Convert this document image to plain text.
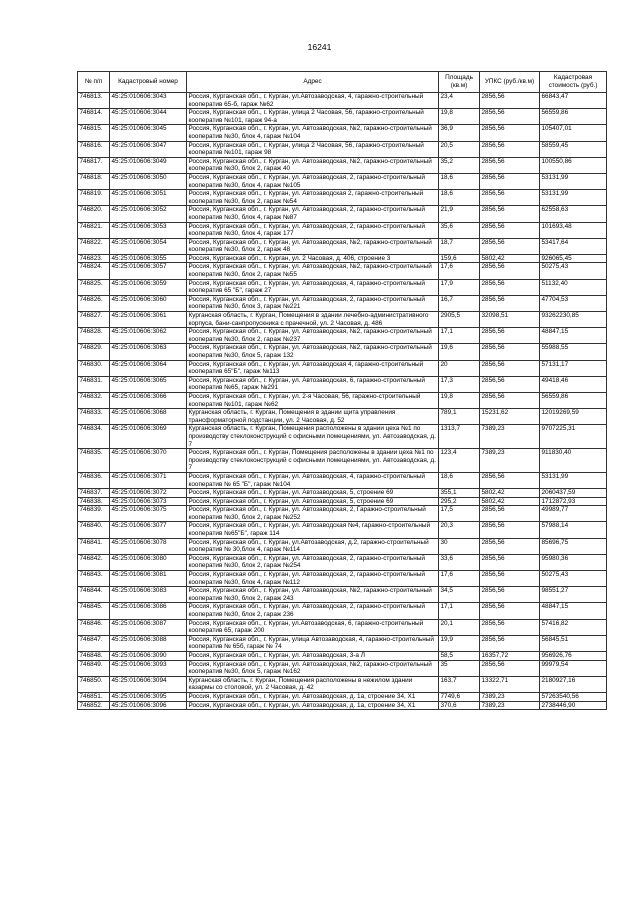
16241
№ п/п	Кадастровый номер	Адрес	Площадь (кв.м)	УПКС (руб./кв.м)	Кадастровая стоимость (руб.)
746813.	45:25:010606:3043	Россия, Курганская обл., г. Курган, ул.Автозаводская, 4, гаражно-строительный кооператив 65-б, гараж №62	23,4	2856,56	66843,47
746814.	45:25:010606:3044	Россия, Курганская обл., г. Курган, улица 2 Часовая, 56, гаражно-строительный кооператив №101, гараж 94-а	19,8	2856,56	56559,86
746815.	45:25:010606:3045	Россия, Курганская обл., г. Курган, ул. Автозаводская, №2, гаражно-строительный кооператив №30, блок 4, гараж №104	36,9	2856,56	105407,01
746816.	45:25:010606:3047	Россия, Курганская обл., г. Курган, улица 2 Часовая, 56, гаражно-строительный кооператив №101, гараж 98	20,5	2856,56	58559,45
746817.	45:25:010606:3049	Россия, Курганская обл., г. Курган, ул. Автозаводская, №2, гаражно-строительный кооператив №30, блок 2, гараж 40	35,2	2856,56	100550,86
746818.	45:25:010606:3050	Россия, Курганская обл., г. Курган, ул. Автозаводская, 2, гаражно-строительный кооператив №30, блок 4, гараж №105	18,6	2856,56	53131,99
746819.	45:25:010606:3051	Россия, Курганская обл., г. Курган, ул. Автозаводская 2, гаражно-строительный кооператив №30, блок 2, гараж №54	18,6	2856,56	53131,99
746820.	45:25:010606:3052	Россия, Курганская обл., г. Курган, ул. Автозаводская, 2, гаражно-строительный кооператив №30, блок 4, гараж №87	21,9	2856,56	62558,63
746821.	45:25:010606:3053	Россия, Курганская обл., г. Курган, ул. Автозаводская, 2, гаражно-строительный кооператив №30, блок 4, гараж 177	35,6	2856,56	101693,48
746822.	45:25:010606:3054	Россия, Курганская обл., г. Курган, ул. Автозаводская, №2, гаражно-строительный кооператив №30, блок 2, гараж 48	18,7	2856,56	53417,64
746823.	45:25:010606:3055	Россия, Курганская обл., г. Курган, ул. 2 Часовая, д. 406, строение 3	159,6	5802,42	926065,45
746824.	45:25:010606:3057	Россия, Курганская обл., г. Курган, ул. Автозаводская, №2, гаражно-строительный кооператив №30, блок 2, гараж №55	17,6	2856,56	50275,43
746825.	45:25:010606:3059	Россия, Курганская обл., г. Курган, ул. Автозаводская, 4, гаражно-строительный кооператив 65 "Б", гараж 27	17,9	2856,56	51132,40
746826.	45:25:010606:3060	Россия, Курганская обл., г. Курган, ул. Автозаводская, 2, гаражно-строительный кооператив №30, блок 3, гараж №221	16,7	2856,56	47704,53
746827.	45:25:010606:3061	Курганская область, г. Курган, Помещения в здании лечебно-административного корпуса, бани-санпропускника с прачечной, ул. 2 Часовая, д. 486	2905,5	32098,51	93262230,85
746828.	45:25:010606:3062	Россия, Курганская обл., г. Курган, ул. Автозаводская, №2, гаражно-строительный кооператив №30, блок 2, гараж №237	17,1	2856,56	48847,15
746829.	45:25:010606:3063	Россия, Курганская обл., г. Курган, ул. Автозаводская, №2, гаражно-строительный кооператив №30, блок 5, гараж 132	19,6	2856,56	55988,55
746830.	45:25:010606:3064	Россия, Курганская обл., г. Курган, ул. Автозаводская 4, гаражно-строительный кооператив 65"Б", гараж №113	20	2856,56	57131,17
746831.	45:25:010606:3065	Россия, Курганская обл., г. Курган, ул. Автозаводская, 6, гаражно-строительный кооператив №65, гараж №291	17,3	2856,56	49418,46
746832.	45:25:010606:3066	Россия, Курганская обл., г. Курган, ул. 2-я Часовая, 56, гаражно-строительный кооператив №101, гараж №62	19,8	2856,56	56559,86
746833.	45:25:010606:3068	Курганская область, г. Курган, Помещения в здании щита управления трансформаторной подстанции, ул. 2 Часовая, д. 52	789,1	15231,62	12019269,59
746834.	45:25:010606:3069	Курганская область, г. Курган, Помещения расположены в здании цеха №1 по производству стеклоконструкций с офисными помещениями, ул. Автозаводская, д. 7	1313,7	7389,23	9707225,31
746835.	45:25:010606:3070	Россия, Курганская обл., г. Курган, Помещения расположены в здании цеха №1 по производству стеклоконструкций с офисными помещениями, ул. Автозаводская, д. 7	123,4	7389,23	911830,40
746836.	45:25:010606:3071	Россия, Курганская обл., г. Курган, ул. Автозаводская, 4, гаражно-строительный кооператив № 65 "Б", гараж №104	18,6	2856,56	53131,99
746837.	45:25:010606:3072	Россия, Курганская обл., г. Курган, ул. Автозаводская, 5, строение 69	355,1	5802,42	2060437,59
746838.	45:25:010606:3073	Россия, Курганская обл., г. Курган, ул. Автозаводская, 5, строение 69	295,2	5802,42	1712872,93
746839.	45:25:010606:3075	Россия, Курганская обл., г. Курган, ул. Автозаводская, 2, Гаражно-строительный кооператив №30, блок 2, гараж №252	17,5	2856,56	49989,77
746840.	45:25:010606:3077	Россия, Курганская обл., г. Курган, ул. Автозаводская №4, гаражно-строительный кооператив №65"Б", гараж 114	20,3	2856,56	57988,14
746841.	45:25:010606:3078	Россия, Курганская обл., г. Курган, ул.Автозаводская, д.2, гаражно-строительный кооператив № 30,блок 4, гараж №114	30	2856,56	85696,75
746842.	45:25:010606:3080	Россия, Курганская обл., г. Курган, ул. Автозаводская, 2, гаражно-строительный кооператив №30, блок 2, гараж №254	33,6	2856,56	95980,36
746843.	45:25:010606:3081	Россия, Курганская обл., г. Курган, ул. Автозаводская, 2, гаражно-строительный кооператив №30, блок 4, гараж №112	17,6	2856,56	50275,43
746844.	45:25:010606:3083	Россия, Курганская обл., г. Курган, ул. Автозаводская, №2, гаражно-строительный кооператив №30, блок 2, гараж 243	34,5	2856,56	98551,27
746845.	45:25:010606:3086	Россия, Курганская обл., г. Курган, ул. Автозаводская, 2, гаражно-строительный кооператив №30, блок 2, гараж 236	17,1	2856,56	48847,15
746846.	45:25:010606:3087	Россия, Курганская обл., г. Курган, ул.Автозаводская, 6, гаражно-строительный кооператив 65, гараж 200	20,1	2856,56	57416,82
746847.	45:25:010606:3088	Россия, Курганская обл., г. Курган, улица Автозаводская, 4, гаражно-строительный кооператив № 65б, гараж № 74	19,9	2856,56	56845,51
746848.	45:25:010606:3090	Россия, Курганская обл., г. Курган, ул. Автозаводская, 3-а Л	58,5	16357,72	956926,76
746849.	45:25:010606:3093	Россия, Курганская обл., г. Курган, ул. Автозаводская, №2, гаражно-строительный кооператив №30, блок 5, гараж №162	35	2856,56	99979,54
746850.	45:25:010606:3094	Курганская область, г. Курган, Помещения расположены в нежилом здании казармы со столовой, ул. 2 Часовая, д. 42	163,7	13322,71	2180927,16
746851.	45:25:010606:3095	Россия, Курганская обл., г. Курган, ул. Автозаводская, д. 1а, строение 34, Х1	7749,6	7389,23	57263540,56
746852.	45:25:010606:3096	Россия, Курганская обл., г. Курган, ул. Автозаводская, д. 1а, строение 34, Х1	370,6	7389,23	2738446,90
